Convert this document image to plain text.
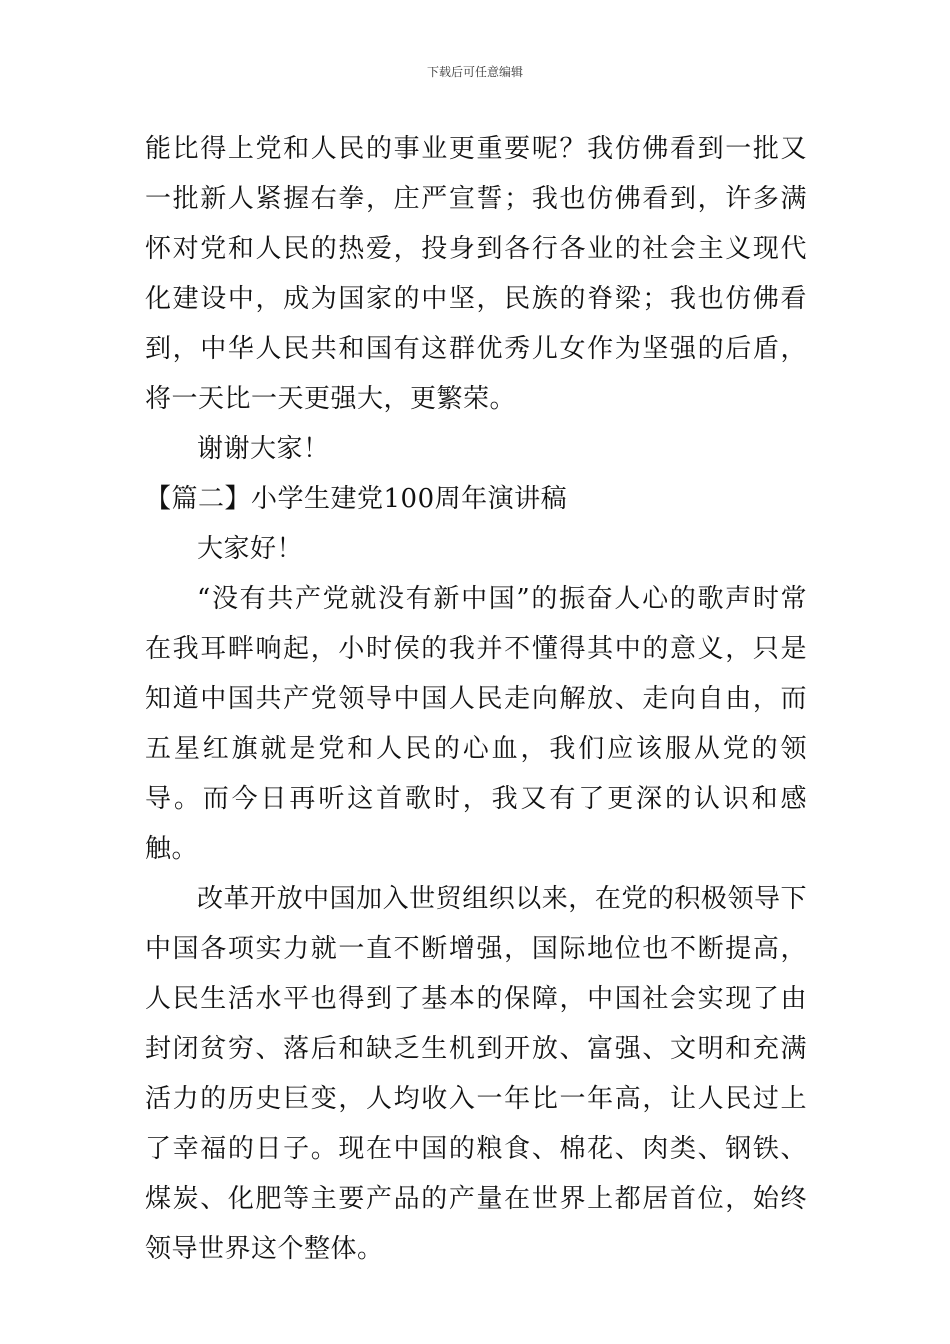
下载后可任意编辑

能比得上党和人民的事业更重要呢？我仿佛看到一批又一批新人紧握右拳，庄严宣誓；我也仿佛看到，许多满怀对党和人民的热爱，投身到各行各业的社会主义现代化建设中，成为国家的中坚，民族的脊梁；我也仿佛看到，中华人民共和国有这群优秀儿女作为坚强的后盾，将一天比一天更强大，更繁荣。

谢谢大家！

【篇二】小学生建党100周年演讲稿

大家好！

“没有共产党就没有新中国”的振奋人心的歌声时常在我耳畔响起，小时侯的我并不懂得其中的意义，只是知道中国共产党领导中国人民走向解放、走向自由，而五星红旗就是党和人民的心血，我们应该服从党的领导。而今日再听这首歌时，我又有了更深的认识和感触。

改革开放中国加入世贸组织以来，在党的积极领导下中国各项实力就一直不断增强，国际地位也不断提高，人民生活水平也得到了基本的保障，中国社会实现了由封闭贫穷、落后和缺乏生机到开放、富强、文明和充满活力的历史巨变，人均收入一年比一年高，让人民过上了幸福的日子。现在中国的粮食、棉花、肉类、钢铁、煤炭、化肥等主要产品的产量在世界上都居首位，始终领导世界这个整体。
